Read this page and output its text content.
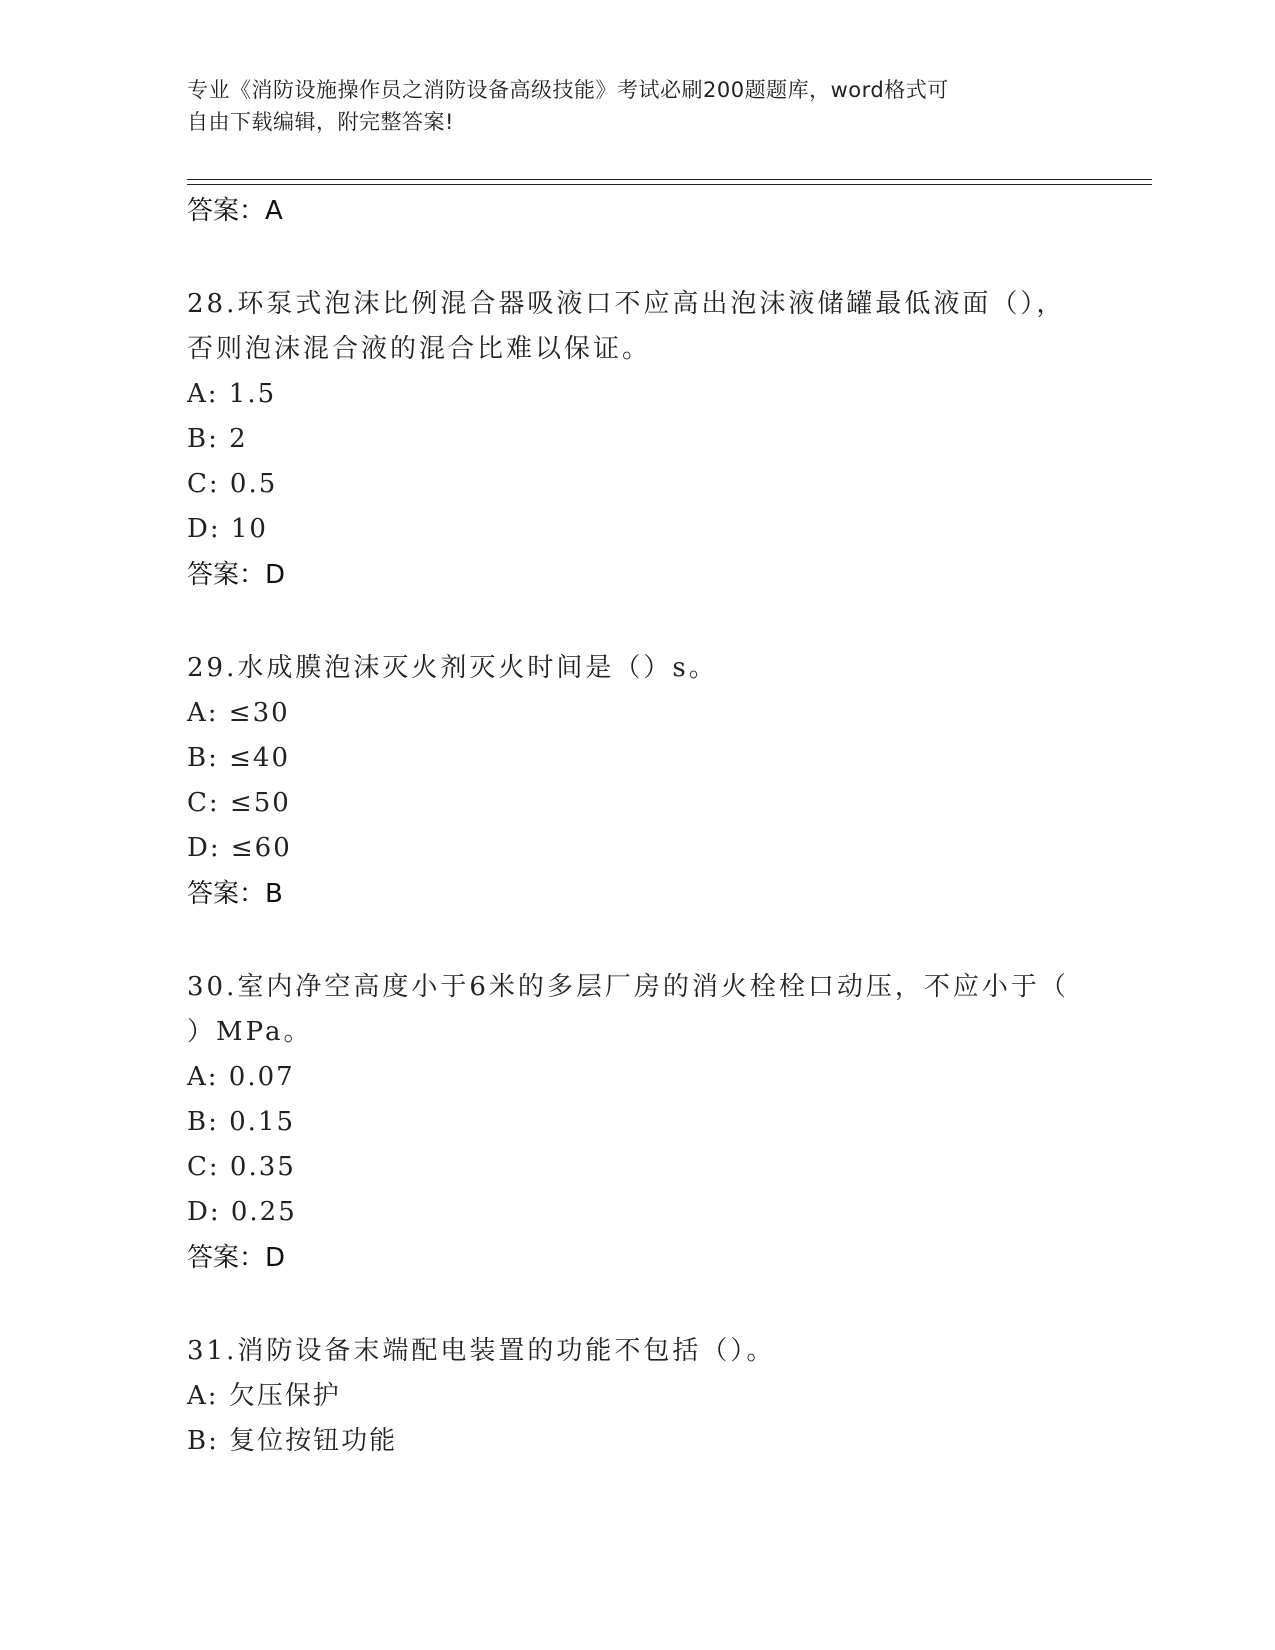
专业《消防设施操作员之消防设备高级技能》考试必刷200题题库，word格式可
自由下载编辑，附完整答案!
答案：A
28.环泵式泡沫比例混合器吸液口不应高出泡沫液储罐最低液面（），
否则泡沫混合液的混合比难以保证。
A: 1.5
B: 2
C: 0.5
D: 10
答案：D
29.水成膜泡沫灭火剂灭火时间是（）s。
A: ≤30
B: ≤40
C: ≤50
D: ≤60
答案：B
30.室内净空高度小于6米的多层厂房的消火栓栓口动压，不应小于（
）MPa。
A: 0.07
B: 0.15
C: 0.35
D: 0.25
答案：D
31.消防设备末端配电装置的功能不包括（）。
A: 欠压保护
B: 复位按钮功能
